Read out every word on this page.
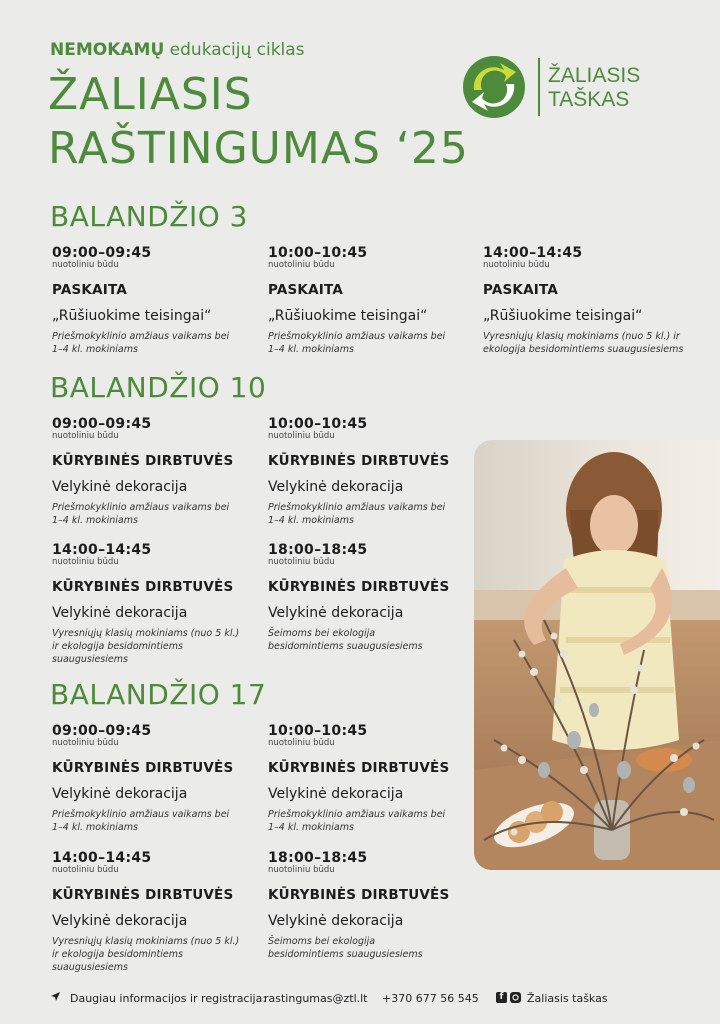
NEMOKAMŲ edukacijų ciklas
ŽALIASIS
RAŠTINGUMAS ‘25
ŽALIASIS
TAŠKAS
BALANDŽIO 3
09:00–09:45
nuotoliniu būdu
PASKAITA
„Rūšiuokime teisingai“
Priešmokyklinio amžiaus vaikams bei 1–4 kl. mokiniams
10:00–10:45
nuotoliniu būdu
PASKAITA
„Rūšiuokime teisingai“
Priešmokyklinio amžiaus vaikams bei 1–4 kl. mokiniams
14:00–14:45
nuotoliniu būdu
PASKAITA
„Rūšiuokime teisingai“
Vyresniųjų klasių mokiniams (nuo 5 kl.) ir ekologija besidomintiems suaugusiesiems
BALANDŽIO 10
09:00–09:45
nuotoliniu būdu
KŪRYBINĖS DIRBTUVĖS
Velykinė dekoracija
Priešmokyklinio amžiaus vaikams bei 1–4 kl. mokiniams
10:00–10:45
nuotoliniu būdu
KŪRYBINĖS DIRBTUVĖS
Velykinė dekoracija
Priešmokyklinio amžiaus vaikams bei 1–4 kl. mokiniams
14:00–14:45
nuotoliniu būdu
KŪRYBINĖS DIRBTUVĖS
Velykinė dekoracija
Vyresniųjų klasių mokiniams (nuo 5 kl.) ir ekologija besidomintiems suaugusiesiems
18:00–18:45
nuotoliniu būdu
KŪRYBINĖS DIRBTUVĖS
Velykinė dekoracija
Šeimoms bei ekologija besidomintiems suaugusiesiems
BALANDŽIO 17
09:00–09:45
nuotoliniu būdu
KŪRYBINĖS DIRBTUVĖS
Velykinė dekoracija
Priešmokyklinio amžiaus vaikams bei 1–4 kl. mokiniams
10:00–10:45
nuotoliniu būdu
KŪRYBINĖS DIRBTUVĖS
Velykinė dekoracija
Priešmokyklinio amžiaus vaikams bei 1–4 kl. mokiniams
14:00–14:45
nuotoliniu būdu
KŪRYBINĖS DIRBTUVĖS
Velykinė dekoracija
Vyresniųjų klasių mokiniams (nuo 5 kl.) ir ekologija besidomintiems suaugusiesiems
18:00–18:45
nuotoliniu būdu
KŪRYBINĖS DIRBTUVĖS
Velykinė dekoracija
Šeimoms bei ekologija besidomintiems suaugusiesiems
Daugiau informacijos ir registracija:
rastingumas@ztl.lt +370 677 56 545	f	Žaliasis taškas
